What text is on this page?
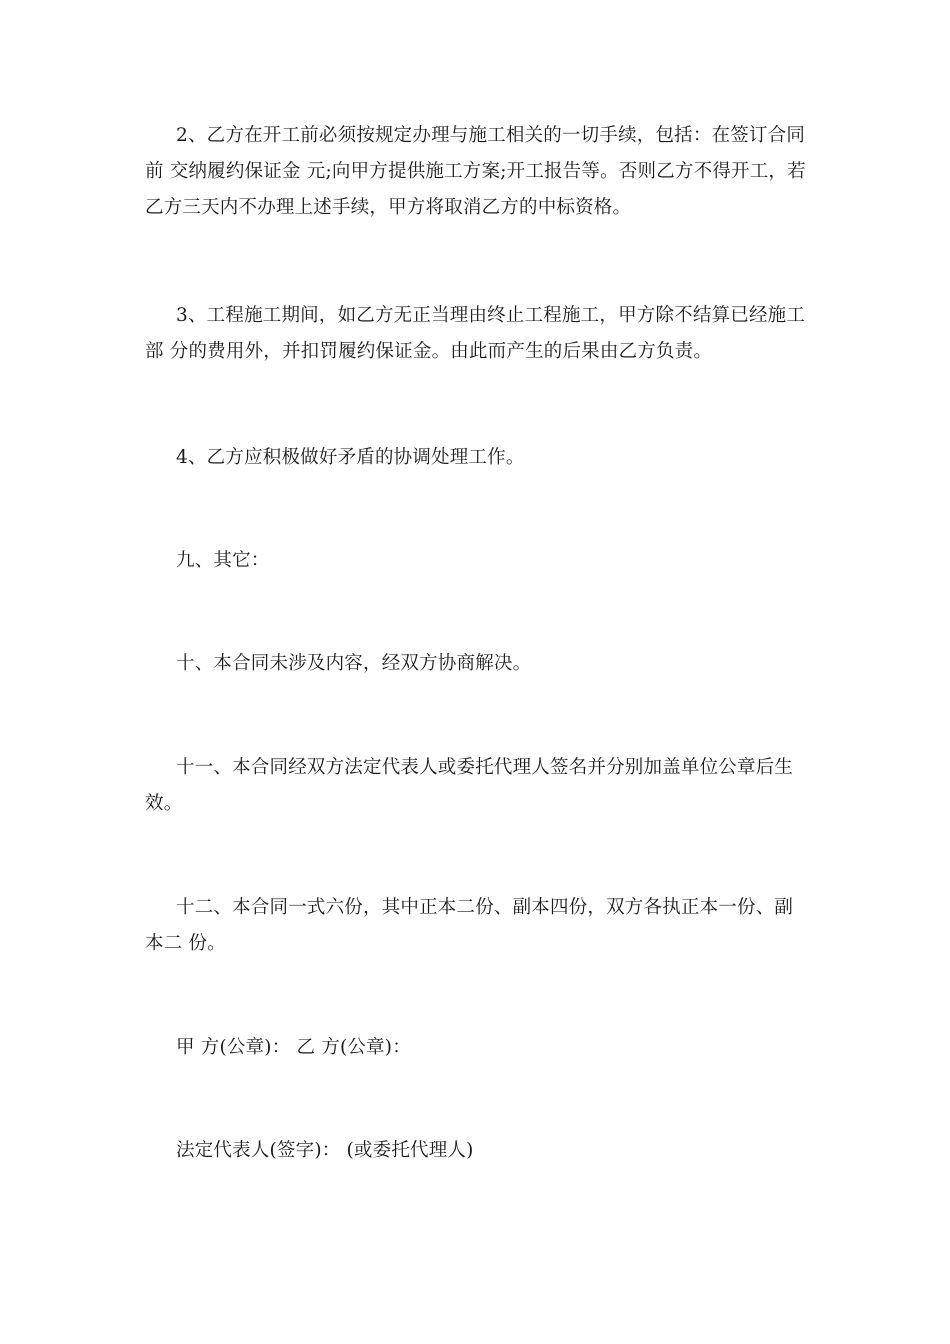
2、乙方在开工前必须按规定办理与施工相关的一切手续，包括：在签订合同前 交纳履约保证金 元;向甲方提供施工方案;开工报告等。否则乙方不得开工，若乙方三天内不办理上述手续，甲方将取消乙方的中标资格。

3、工程施工期间，如乙方无正当理由终止工程施工，甲方除不结算已经施工部 分的费用外，并扣罚履约保证金。由此而产生的后果由乙方负责。

4、乙方应积极做好矛盾的协调处理工作。

九、其它：

十、本合同未涉及内容，经双方协商解决。

十一、本合同经双方法定代表人或委托代理人签名并分别加盖单位公章后生效。

十二、本合同一式六份，其中正本二份、副本四份，双方各执正本一份、副本二 份。

甲 方(公章)： 乙 方(公章)：

法定代表人(签字)： (或委托代理人)
